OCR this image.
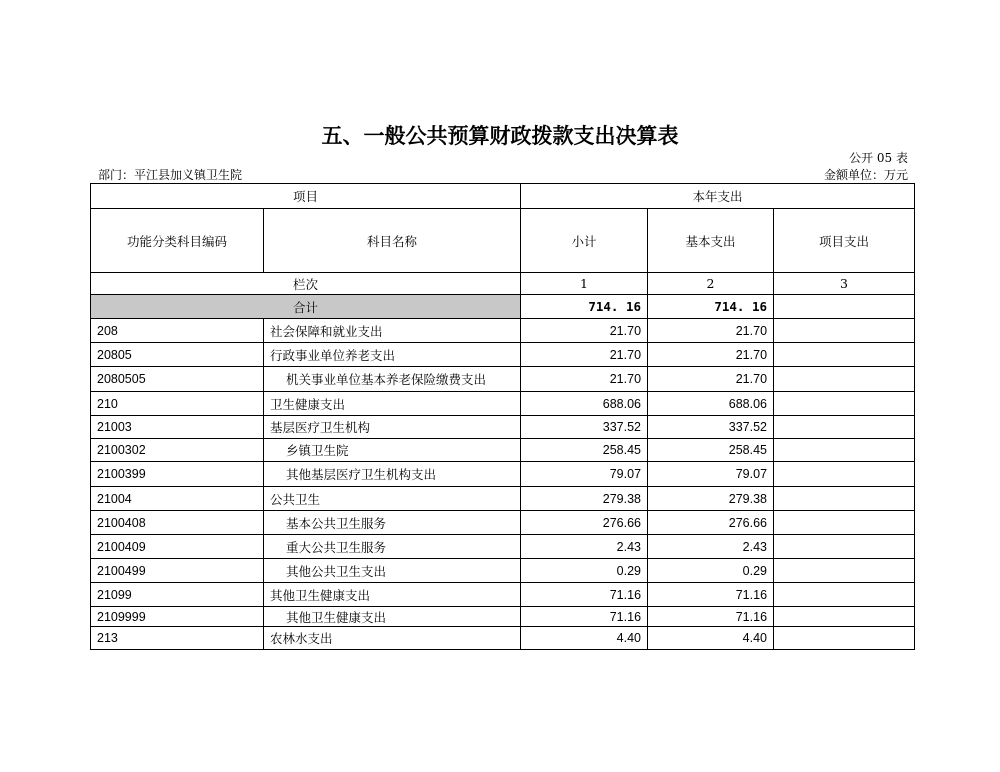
五、一般公共预算财政拨款支出决算表
公开 05 表
部门：平江县加义镇卫生院	金额单位：万元
项目		本年支出		
功能分类科目编码	科目名称	小计	基本支出	项目支出
栏次		1	2	3
合计		714. 16	714. 16	
208	社会保障和就业支出	21.70	21.70	
20805	行政事业单位养老支出	21.70	21.70	
2080505	机关事业单位基本养老保险缴费支出	21.70	21.70	
210	卫生健康支出	688.06	688.06	
21003	基层医疗卫生机构	337.52	337.52	
2100302	乡镇卫生院	258.45	258.45	
2100399	其他基层医疗卫生机构支出	79.07	79.07	
21004	公共卫生	279.38	279.38	
2100408	基本公共卫生服务	276.66	276.66	
2100409	重大公共卫生服务	2.43	2.43	
2100499	其他公共卫生支出	0.29	0.29	
21099	其他卫生健康支出	71.16	71.16	
2109999	其他卫生健康支出	71.16	71.16	
213	农林水支出	4.40	4.40	
